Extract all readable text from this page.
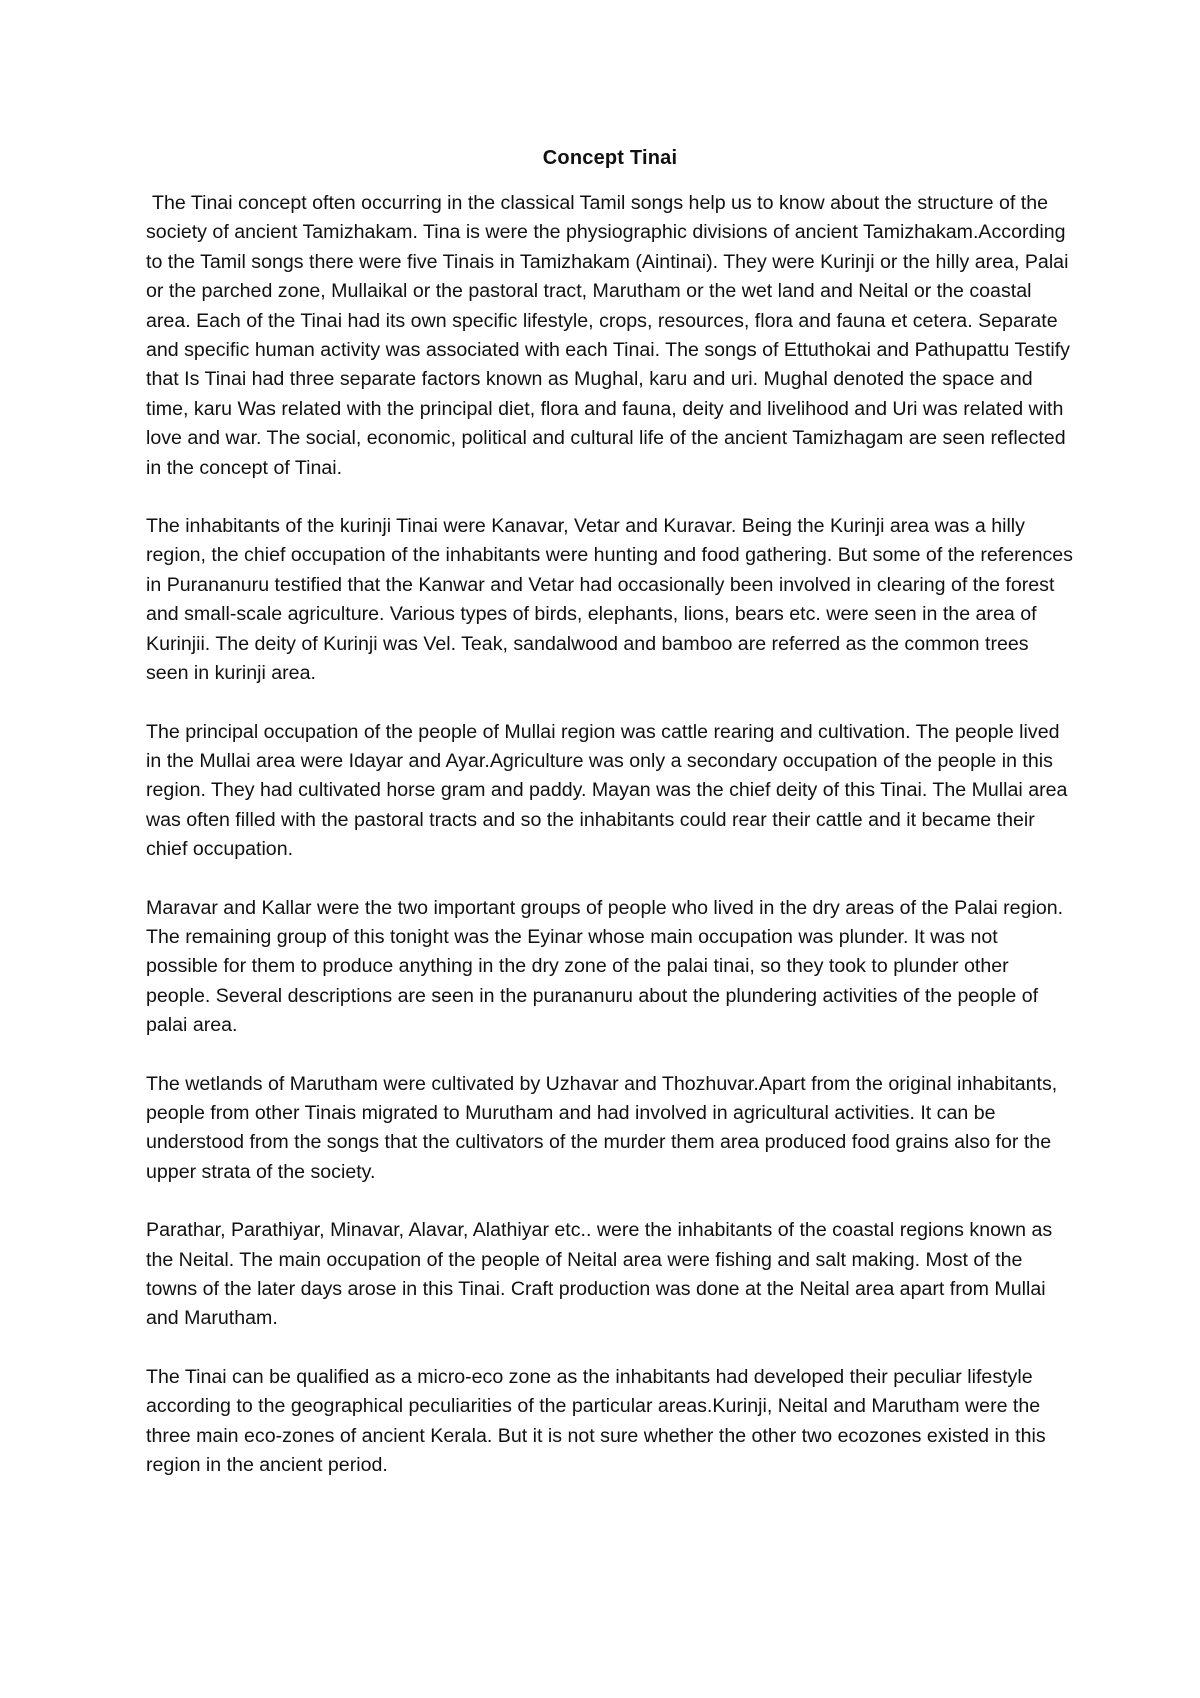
Concept Tinai

The Tinai concept often occurring in the classical Tamil songs help us to know about the structure of the society of ancient Tamizhakam. Tina is were the physiographic divisions of ancient Tamizhakam.According to the Tamil songs there were five Tinais in Tamizhakam (Aintinai). They were Kurinji or the hilly area, Palai or the parched zone, Mullaikal or the pastoral tract, Marutham or the wet land and Neital or the coastal area. Each of the Tinai had its own specific lifestyle, crops, resources, flora and fauna et cetera. Separate and specific human activity was associated with each Tinai. The songs of Ettuthokai and Pathupattu Testify that Is Tinai had three separate factors known as Mughal, karu and uri. Mughal denoted the space and time, karu Was related with the principal diet, flora and fauna, deity and livelihood and Uri was related with love and war. The social, economic, political and cultural life of the ancient Tamizhagam are seen reflected in the concept of Tinai.

The inhabitants of the kurinji Tinai were Kanavar, Vetar and Kuravar. Being the Kurinji area was a hilly region, the chief occupation of the inhabitants were hunting and food gathering. But some of the references in Purananuru testified that the Kanwar and Vetar had occasionally been involved in clearing of the forest and small-scale agriculture. Various types of birds, elephants, lions, bears etc. were seen in the area of Kurinjii. The deity of Kurinji was Vel. Teak, sandalwood and bamboo are referred as the common trees seen in kurinji area.

The principal occupation of the people of Mullai region was cattle rearing and cultivation. The people lived in the Mullai area were Idayar and Ayar.Agriculture was only a secondary occupation of the people in this region. They had cultivated horse gram and paddy. Mayan was the chief deity of this Tinai. The Mullai area was often filled with the pastoral tracts and so the inhabitants could rear their cattle and it became their chief occupation.

Maravar and Kallar were the two important groups of people who lived in the dry areas of the Palai region. The remaining group of this tonight was the Eyinar whose main occupation was plunder. It was not possible for them to produce anything in the dry zone of the palai tinai, so they took to plunder other people. Several descriptions are seen in the purananuru about the plundering activities of the people of palai area.

The wetlands of Marutham were cultivated by Uzhavar and Thozhuvar.Apart from the original inhabitants, people from other Tinais migrated to Murutham and had involved in agricultural activities. It can be understood from the songs that the cultivators of the murder them area produced food grains also for the upper strata of the society.

Parathar, Parathiyar, Minavar, Alavar, Alathiyar etc.. were the inhabitants of the coastal regions known as the Neital. The main occupation of the people of Neital area were fishing and salt making. Most of the towns of the later days arose in this Tinai. Craft production was done at the Neital area apart from Mullai and Marutham.

The Tinai can be qualified as a micro-eco zone as the inhabitants had developed their peculiar lifestyle according to the geographical peculiarities of the particular areas.Kurinji, Neital and Marutham were the three main eco-zones of ancient Kerala. But it is not sure whether the other two ecozones existed in this region in the ancient period.
